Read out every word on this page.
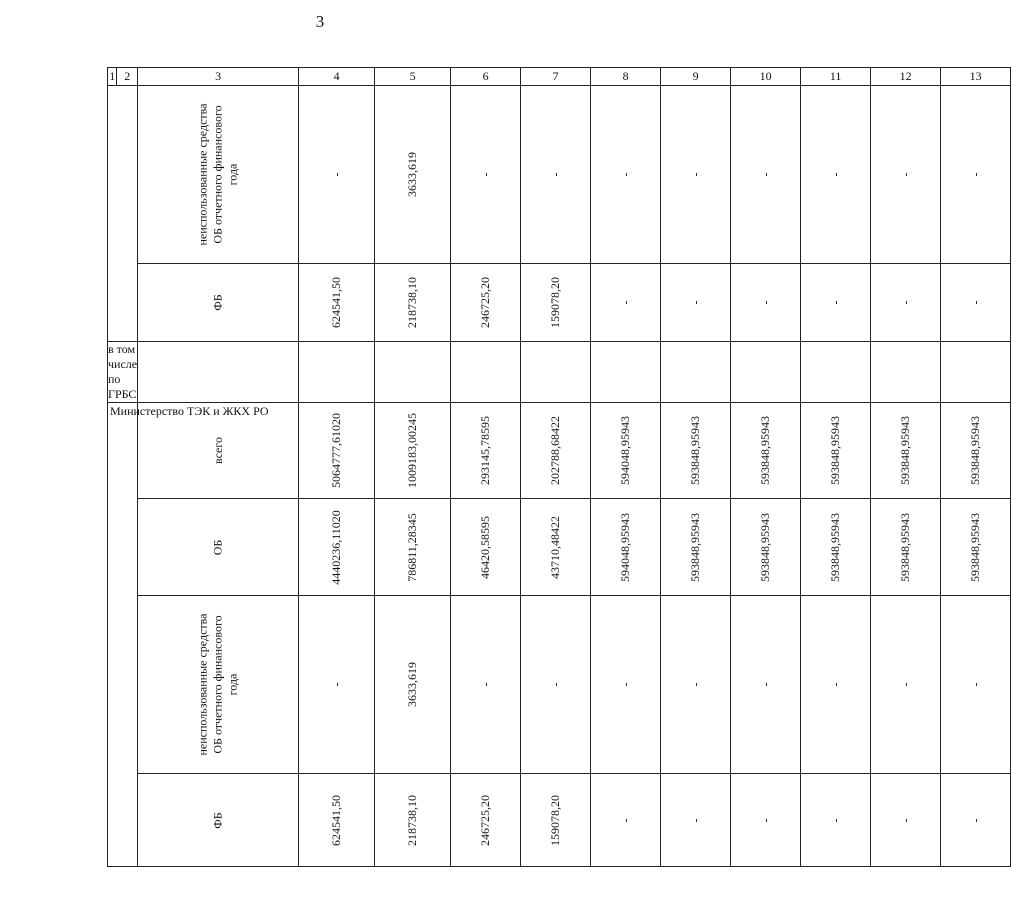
3
1	2	3	4	5	6	7	8	9	10	11	12	13

		неиспользованные средства ОБ отчетного финансового года	-	3633,619	-	-	-	-	-	-	-	-

		ФБ	624541,50	218738,10	246725,20	159078,20	-	-	-	-	-	-

в том числе по ГРБС												

Министерство ТЭК и ЖКХ РО		всего	5064777,61020	1009183,00245	293145,78595	202788,68422	594048,95943	593848,95943	593848,95943	593848,95943	593848,95943	593848,95943

		ОБ	4440236,11020	786811,28345	46420,58595	43710,48422	594048,95943	593848,95943	593848,95943	593848,95943	593848,95943	593848,95943

		неиспользованные средства ОБ отчетного финансового года	-	3633,619	-	-	-	-	-	-	-	-

		ФБ	624541,50	218738,10	246725,20	159078,20	-	-	-	-	-	-
